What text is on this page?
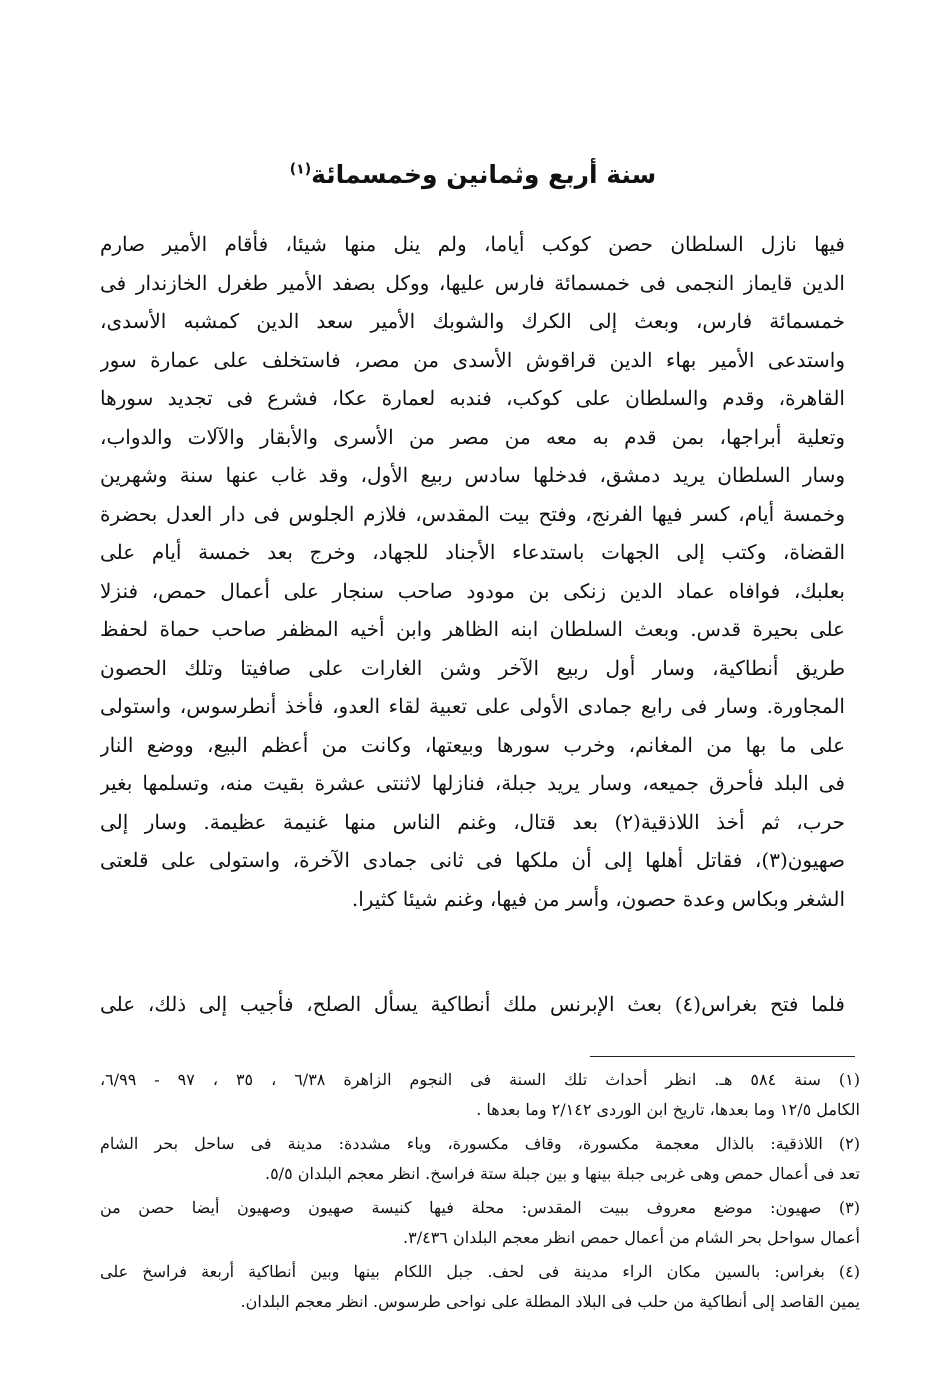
سنة أربع وثمانين وخمسمائة$^{(١)}$
فيها نازل السلطان حصن كوكب أياما، ولم ينل منها شيئا، فأقام الأمير صارم
الدين قايماز النجمى فى خمسمائة فارس عليها، ووكل بصفد الأمير طغرل الخازندار فى
خمسمائة فارس، وبعث إلى الكرك والشوبك الأمير سعد الدين كمشبه الأسدى،
واستدعى الأمير بهاء الدين قراقوش الأسدى من مصر، فاستخلف على عمارة سور
القاهرة، وقدم والسلطان على كوكب، فندبه لعمارة عكا، فشرع فى تجديد سورها
وتعلية أبراجها، بمن قدم به معه من مصر من الأسرى والأبقار والآلات والدواب،
وسار السلطان يريد دمشق، فدخلها سادس ربيع الأول، وقد غاب عنها سنة وشهرين
وخمسة أيام، كسر فيها الفرنج، وفتح بيت المقدس، فلازم الجلوس فى دار العدل بحضرة
القضاة، وكتب إلى الجهات باستدعاء الأجناد للجهاد، وخرج بعد خمسة أيام على
بعلبك، فوافاه عماد الدين زنكى بن مودود صاحب سنجار على أعمال حمص، فنزلا
على بحيرة قدس. وبعث السلطان ابنه الظاهر وابن أخيه المظفر صاحب حماة لحفظ
طريق أنطاكية، وسار أول ربيع الآخر وشن الغارات على صافيتا وتلك الحصون
المجاورة. وسار فى رابع جمادى الأولى على تعبية لقاء العدو، فأخذ أنطرسوس، واستولى
على ما بها من المغانم، وخرب سورها وبيعتها، وكانت من أعظم البيع، ووضع النار
فى البلد فأحرق جميعه، وسار يريد جبلة، فنازلها لاثنتى عشرة بقيت منه، وتسلمها بغير
حرب، ثم أخذ اللاذقية(٢) بعد قتال، وغنم الناس منها غنيمة عظيمة. وسار إلى
صهيون(٣)، فقاتل أهلها إلى أن ملكها فى ثانى جمادى الآخرة، واستولى على قلعتى
الشغر وبكاس وعدة حصون، وأسر من فيها، وغنم شيئا كثيرا.
فلما فتح بغراس(٤) بعث الإبرنس ملك أنطاكية يسأل الصلح، فأجيب إلى ذلك، على

(١) سنة ٥٨٤ هـ. انظر أحداث تلك السنة فى النجوم الزاهرة ٦/٣٨ ، ٣٥ ، ٩٧ - ٦/٩٩،
الكامل ١٢/٥ وما بعدها، تاريخ ابن الوردى ٢/١٤٢ وما بعدها .

(٢) اللاذقية: بالذال معجمة مكسورة، وقاف مكسورة، وياء مشددة: مدينة فى ساحل بحر الشام
تعد فى أعمال حمص وهى غربى جبلة بينها و بين جبلة ستة فراسخ. انظر معجم البلدان ٥/٥.

(٣) صهيون: موضع معروف ببيت المقدس: محلة فيها كنيسة صهيون وصهيون أيضا حصن من
أعمال سواحل بحر الشام من أعمال حمص انظر معجم البلدان ٣/٤٣٦.

(٤) بغراس: بالسين مكان الراء مدينة فى لحف. جبل اللكام بينها وبين أنطاكية أربعة فراسخ على
يمين القاصد إلى أنطاكية من حلب فى البلاد المطلة على نواحى طرسوس. انظر معجم البلدان.
